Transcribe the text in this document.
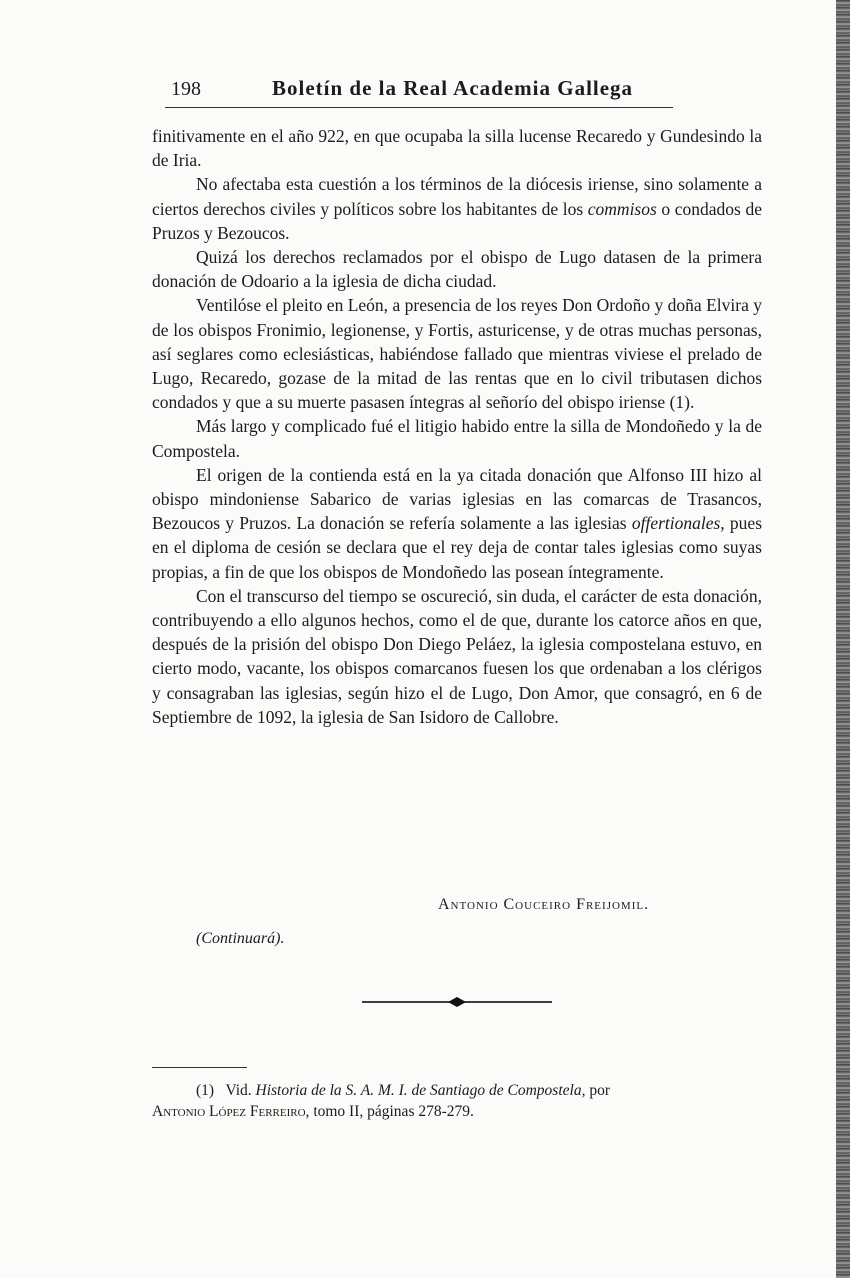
198	Boletín de la Real Academia Gallega

finitivamente en el año 922, en que ocupaba la silla lucense Recaredo y Gundesindo la de Iria.

No afectaba esta cuestión a los términos de la diócesis iriense, sino solamente a ciertos derechos civiles y políticos sobre los habitantes de los commisos o condados de Pruzos y Bezoucos.

Quizá los derechos reclamados por el obispo de Lugo datasen de la primera donación de Odoario a la iglesia de dicha ciudad.

Ventilóse el pleito en León, a presencia de los reyes Don Ordoño y doña Elvira y de los obispos Fronimio, legionense, y Fortis, asturicense, y de otras muchas personas, así seglares como eclesiásticas, habiéndose fallado que mientras viviese el prelado de Lugo, Recaredo, gozase de la mitad de las rentas que en lo civil tributasen dichos condados y que a su muerte pasasen íntegras al señorío del obispo iriense (1).

Más largo y complicado fué el litigio habido entre la silla de Mondoñedo y la de Compostela.

El origen de la contienda está en la ya citada donación que Alfonso III hizo al obispo mindoniense Sabarico de varias iglesias en las comarcas de Trasancos, Bezoucos y Pruzos. La donación se refería solamente a las iglesias offertionales, pues en el diploma de cesión se declara que el rey deja de contar tales iglesias como suyas propias, a fin de que los obispos de Mondoñedo las posean íntegramente.

Con el transcurso del tiempo se oscureció, sin duda, el carácter de esta donación, contribuyendo a ello algunos hechos, como el de que, durante los catorce años en que, después de la prisión del obispo Don Diego Peláez, la iglesia compostelana estuvo, en cierto modo, vacante, los obispos comarcanos fuesen los que ordenaban a los clérigos y consagraban las iglesias, según hizo el de Lugo, Don Amor, que consagró, en 6 de Septiembre de 1092, la iglesia de San Isidoro de Callobre.

Antonio Couceiro Freijomil.
(Continuará).
(1) Vid. Historia de la S. A. M. I. de Santiago de Compostela, por
Antonio López Ferreiro, tomo II, páginas 278-279.
